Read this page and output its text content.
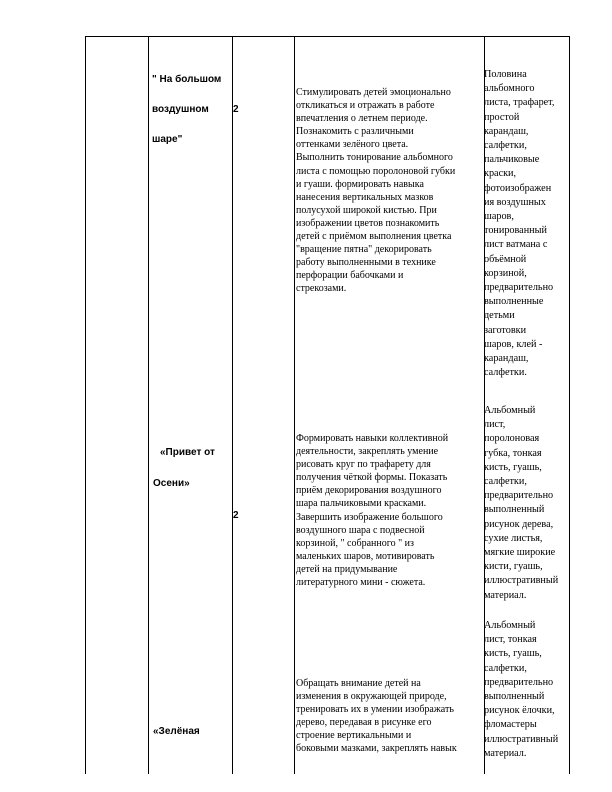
" На большом
воздушном
шаре"
2
Стимулировать детей эмоционально
откликаться и отражать в работе
впечатления о летнем периоде.
Познакомить с различными
оттенками зелёного цвета.
Выполнить тонирование альбомного
листа с помощью поролоновой губки
и гуаши. формировать навыка
нанесения вертикальных мазков
полусухой широкой кистью. При
изображении цветов познакомить
детей с приёмом выполнения цветка
"вращение пятна" декорировать
работу выполненными в технике
перфорации бабочками и
стрекозами.
Половина
альбомного
листа, трафарет,
простой
карандаш,
салфетки,
пальчиковые
краски,
фотоизображен
ия воздушных
шаров,
тонированный
лист ватмана с
объёмной
корзиной,
предварительно
выполненные
детьми
заготовки
шаров, клей -
карандаш,
салфетки.
«Привет от
Осени»
2
Формировать навыки коллективной
деятельности, закреплять умение
рисовать круг по трафарету для
получения чёткой формы. Показать
приём декорирования воздушного
шара пальчиковыми красками.
Завершить изображение большого
воздушного шара с подвесной
корзиной, " собранного " из
маленьких шаров, мотивировать
детей на придумывание
литературного мини - сюжета.
Альбомный
лист,
поролоновая
губка, тонкая
кисть, гуашь,
салфетки,
предварительно
выполненный
рисунок дерева,
сухие листья,
мягкие широкие
кисти, гуашь,
иллюстративный
материал.
«Зелёная
Обращать внимание детей на
изменения в окружающей природе,
тренировать их в умении изображать
дерево, передавая в рисунке его
строение вертикальными и
боковыми мазками, закреплять навык
Альбомный
лист, тонкая
кисть, гуашь,
салфетки,
предварительно
выполненный
рисунок ёлочки,
фломастеры
иллюстративный
материал.
